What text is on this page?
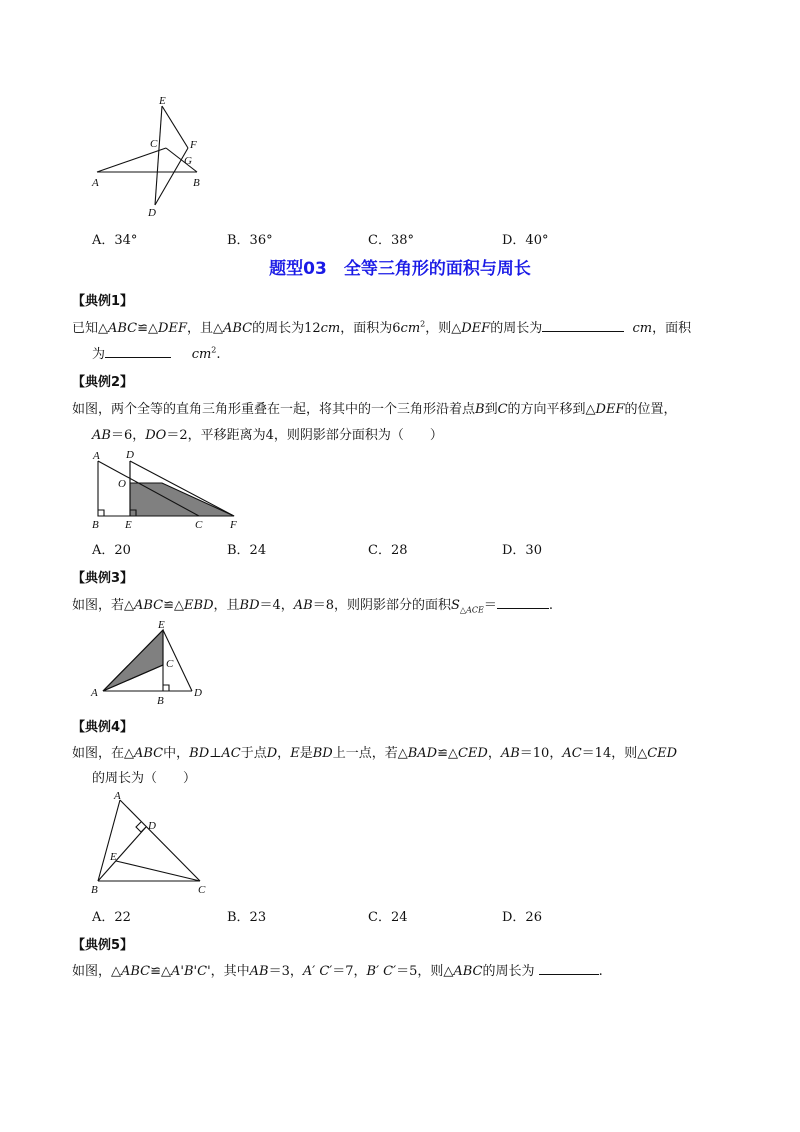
E
C	F
G
A	B
D
A．34°	B．36°	C．38°	D．40°
题型03　全等三角形的面积与周长
【典例1】
已知△ABC≌△DEF，且△ABC的周长为12cm，面积为$6cm^2$，则△DEF的周长为	cm，面积
为	$cm^2$.
【典例2】
如图，两个全等的直角三角形重叠在一起，将其中的一个三角形沿着点B到C的方向平移到△DEF的位置，
AB＝6，DO＝2，平移距离为4，则阴影部分面积为（　　）
A D
O
B E	C	F
A．20	B．24	C．28	D．30
【典例3】
如图，若△ABC≌△EBD，且BD＝4，AB＝8，则阴影部分的面积$S_{\triangle ACE}=$	.
E
C
A
B
D
【典例4】
如图，在△ABC中，BD⊥AC于点D，E是BD上一点，若△BAD≌△CED，AB＝10，AC＝14，则△CED
的周长为（　　）
A
D
E
B	C
A．22	B．23	C．24	D．26
【典例5】
如图，△ABC≌△A'B'C'，其中AB＝3，A′ C′＝7，B′ C′＝5，则△ABC的周长为	.
